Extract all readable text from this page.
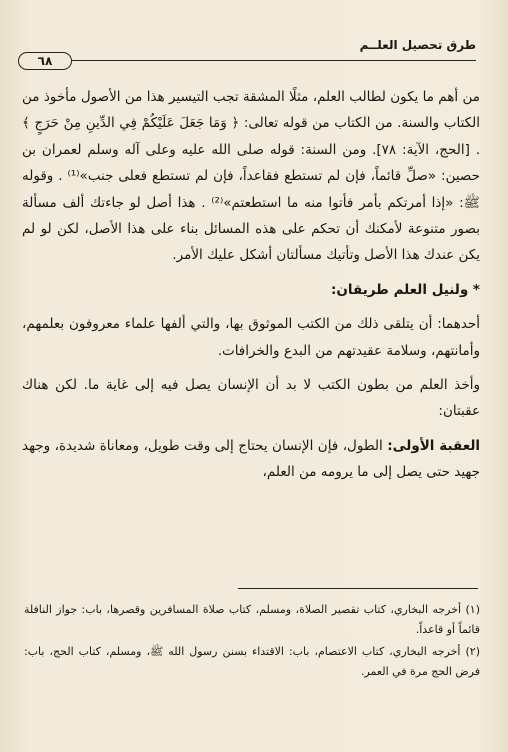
طرق تحصيل العلــم
٦٨

من أهم ما يكون لطالب العلم، مثلًا المشقة تجب التيسير هذا من الأصول مأخوذ من الكتاب والسنة. من الكتاب من قوله تعالى: ﴿ وَمَا جَعَلَ عَلَيْكُمْ فِي الدِّينِ مِنْ حَرَجٍ ﴾ . [الحج، الآية: ٧٨]. ومن السنة: قوله صلى الله عليه وعلى آله وسلم لعمران بن حصين: «صلِّ قائماً، فإن لم تستطع فقاعداً، فإن لم تستطع فعلى جنب»⁽¹⁾ . وقوله ﷺ: «إذا أمرتكم بأمر فأتوا منه ما استطعتم»⁽²⁾ . هذا أصل لو جاءتك ألف مسألة بصور متنوعة لأمكنك أن تحكم على هذه المسائل بناء على هذا الأصل، لكن لو لم يكن عندك هذا الأصل وتأتيك مسألتان أشكل عليك الأمر.

* ولنيل العلم طريقان:

أحدهما: أن يتلقى ذلك من الكتب الموثوق بها، والتي ألفها علماء معروفون بعلمهم، وأمانتهم، وسلامة عقيدتهم من البدع والخرافات.

وأخذ العلم من بطون الكتب لا بد أن الإنسان يصل فيه إلى غاية ما. لكن هناك عقبتان:

العقبة الأولى: الطول، فإن الإنسان يحتاج إلى وقت طويل، ومعاناة شديدة، وجهد جهيد حتى يصل إلى ما يرومه من العلم،

(١) أخرجه البخاري، كتاب تقصير الصلاة، ومسلم، كتاب صلاة المسافرين وقصرها، باب: جواز النافلة قائماً أو قاعداً.

(٢) أخرجه البخاري، كتاب الاعتصام، باب: الاقتداء بسنن رسول الله ﷺ، ومسلم، كتاب الحج، باب: فرض الحج مرة في العمر.
